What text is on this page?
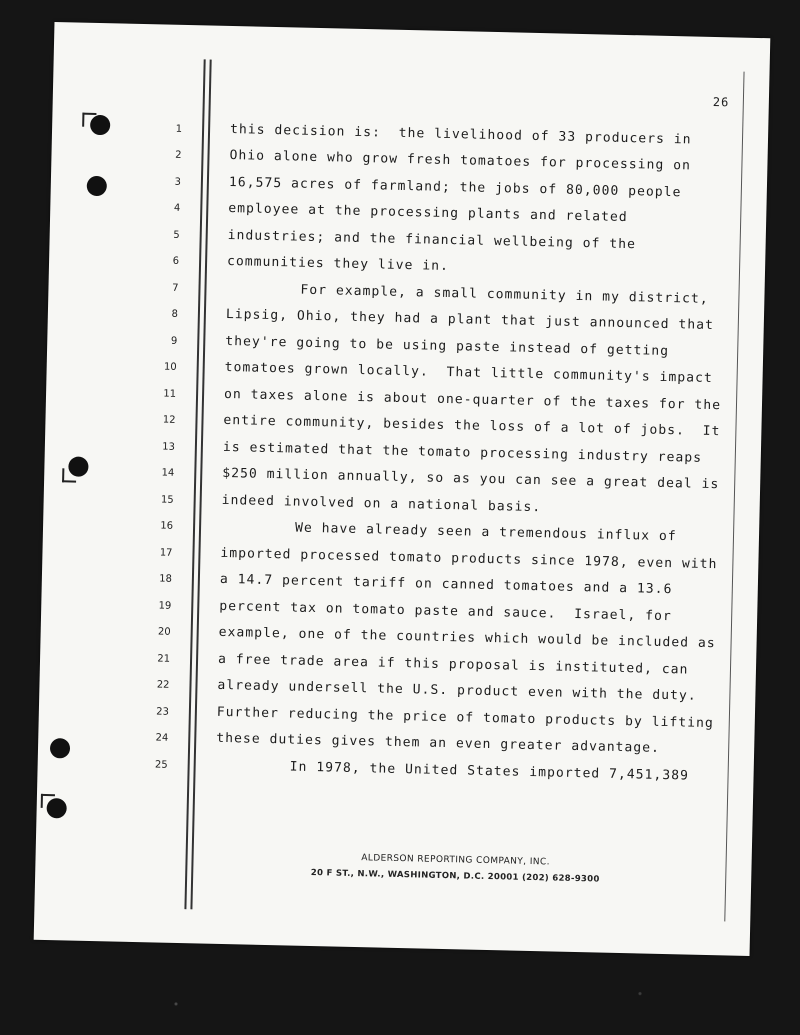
26
1
2
3
4
5
6
7
8
9
10
11
12
13
14
15
16
17
18
19
20
21
22
23
24
25
this decision is:  the livelihood of 33 producers in
Ohio alone who grow fresh tomatoes for processing on
16,575 acres of farmland; the jobs of 80,000 people
employee at the processing plants and related
industries; and the financial wellbeing of the
communities they live in.
For example, a small community in my district,
Lipsig, Ohio, they had a plant that just announced that
they're going to be using paste instead of getting
tomatoes grown locally.  That little community's impact
on taxes alone is about one-quarter of the taxes for the
entire community, besides the loss of a lot of jobs.  It
is estimated that the tomato processing industry reaps
$250 million annually, so as you can see a great deal is
indeed involved on a national basis.
We have already seen a tremendous influx of
imported processed tomato products since 1978, even with
a 14.7 percent tariff on canned tomatoes and a 13.6
percent tax on tomato paste and sauce.  Israel, for
example, one of the countries which would be included as
a free trade area if this proposal is instituted, can
already undersell the U.S. product even with the duty.
Further reducing the price of tomato products by lifting
these duties gives them an even greater advantage.
In 1978, the United States imported 7,451,389
ALDERSON REPORTING COMPANY, INC.
20 F ST., N.W., WASHINGTON, D.C. 20001 (202) 628-9300
